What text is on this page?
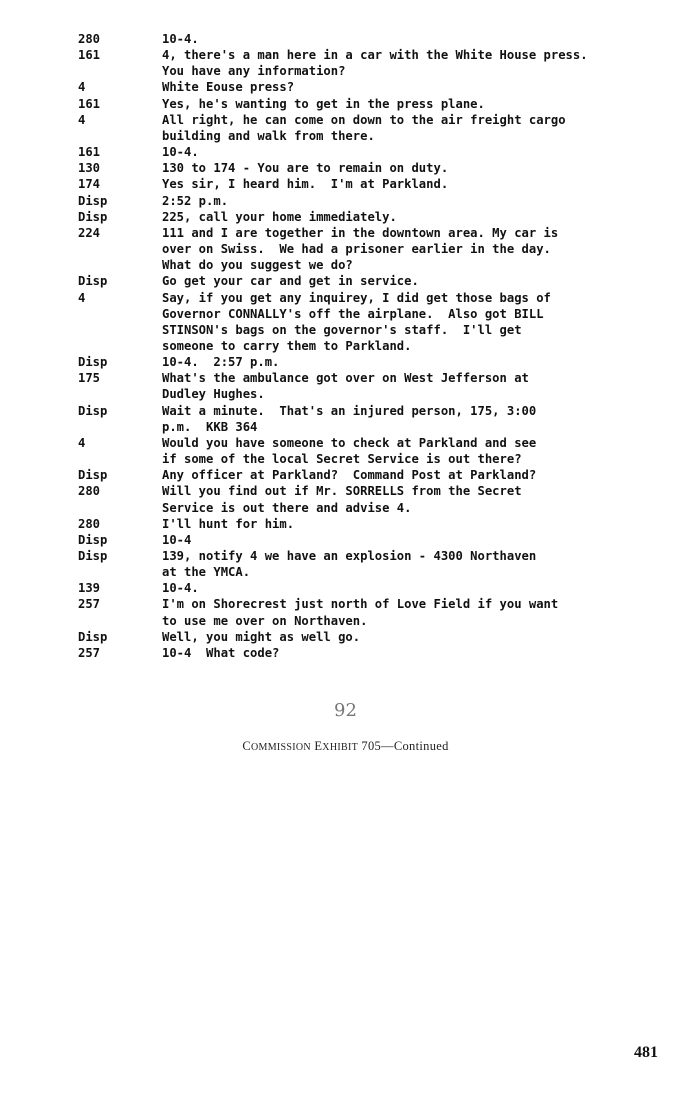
280	10-4.
161	4, there's a man here in a car with the White House press.
You have any information?
4	White Eouse press?
161	Yes, he's wanting to get in the press plane.
4	All right, he can come on down to the air freight cargo
building and walk from there.
161	10-4.
130	130 to 174 - You are to remain on duty.
174	Yes sir, I heard him.  I'm at Parkland.
Disp	2:52 p.m.
Disp	225, call your home immediately.
224	111 and I are together in the downtown area. My car is
over on Swiss.  We had a prisoner earlier in the day.
What do you suggest we do?
Disp	Go get your car and get in service.
4	Say, if you get any inquirey, I did get those bags of
Governor CONNALLY's off the airplane.  Also got BILL
STINSON's bags on the governor's staff.  I'll get
someone to carry them to Parkland.
Disp	10-4.  2:57 p.m.
175	What's the ambulance got over on West Jefferson at
Dudley Hughes.
Disp	Wait a minute.  That's an injured person, 175, 3:00
p.m.  KKB 364
4	Would you have someone to check at Parkland and see
if some of the local Secret Service is out there?
Disp	Any officer at Parkland?  Command Post at Parkland?
280	Will you find out if Mr. SORRELLS from the Secret
Service is out there and advise 4.
280	I'll hunt for him.
Disp	10-4
Disp	139, notify 4 we have an explosion - 4300 Northaven
at the YMCA.
139	10-4.
257	I'm on Shorecrest just north of Love Field if you want
to use me over on Northaven.
Disp	Well, you might as well go.
257	10-4  What code?
92
COMMISSION EXHIBIT 705—Continued
481
